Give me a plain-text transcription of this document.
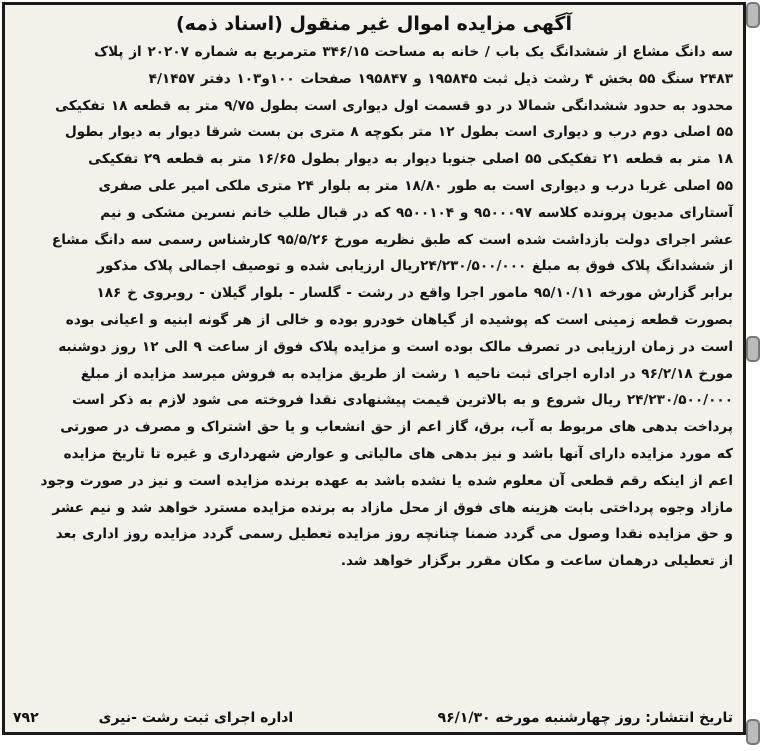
آگهی مزایده اموال غیر منقول (اسناد ذمه)
سه دانگ مشاع از ششدانگ یک باب / خانه به مساحت ۳۴۶/۱۵ مترمربع به شماره ۲۰۲۰۷ از پلاک
۲۴۸۳ سنگ ۵۵ بخش ۴ رشت ذیل ثبت ۱۹۵۸۴۵ و ۱۹۵۸۴۷ صفحات ۱۰۰و۱۰۳ دفتر ۴/۱۴۵۷
محدود به حدود ششدانگی شمالا در دو قسمت اول دیواری است بطول ۹/۷۵ متر به قطعه ۱۸ تفکیکی
۵۵ اصلی دوم درب و دیواری است بطول ۱۲ متر بکوچه ۸ متری بن بست شرقا دیوار به دیوار بطول
۱۸ متر به قطعه ۲۱ تفکیکی ۵۵ اصلی جنوبا دیوار به دیوار بطول ۱۶/۶۵ متر به قطعه ۲۹ تفکیکی
۵۵ اصلی غربا درب و دیواری است به طور ۱۸/۸۰ متر به بلوار ۲۴ متری ملکی امیر علی صفری
آستارای مدیون پرونده کلاسه ۹۵۰۰۰۹۷ و ۹۵۰۰۱۰۴ که در قبال طلب خانم نسرین مشکی و نیم
عشر اجرای دولت بازداشت شده است که طبق نظریه مورخ ۹۵/۵/۲۶ کارشناس رسمی سه دانگ مشاع
از ششدانگ پلاک فوق به مبلغ ۲۴/۲۳۰/۵۰۰/۰۰۰ریال ارزیابی شده و توصیف اجمالی پلاک مذکور
برابر گزارش مورخه ۹۵/۱۰/۱۱ مامور اجرا واقع در رشت - گلسار - بلوار گیلان - روبروی خ ۱۸۶
بصورت قطعه زمینی است که پوشیده از گیاهان خودرو بوده و خالی از هر گونه ابنیه و اعیانی بوده
است در زمان ارزیابی در تصرف مالک بوده است و مزایده پلاک فوق از ساعت ۹ الی ۱۲ روز دوشنبه
مورخ ۹۶/۲/۱۸ در اداره اجرای ثبت ناحیه ۱ رشت از طریق مزایده به فروش میرسد مزایده از مبلغ
۲۴/۲۳۰/۵۰۰/۰۰۰ ریال شروع و به بالاترین قیمت پیشنهادی نقدا فروخته می شود لازم به ذکر است
پرداخت بدهی های مربوط به آب، برق، گاز اعم از حق انشعاب و یا حق اشتراک و مصرف در صورتی
که مورد مزایده دارای آنها باشد و نیز بدهی های مالیاتی و عوارض شهرداری و غیره تا تاریخ مزایده
اعم از اینکه رقم قطعی آن معلوم شده یا نشده باشد به عهده برنده مزایده است و نیز در صورت وجود
مازاد وجوه پرداختی بابت هزینه های فوق از محل مازاد به برنده مزایده مسترد خواهد شد و نیم عشر
و حق مزایده نقدا وصول می گردد ضمنا چنانچه روز مزایده تعطیل رسمی گردد مزایده روز اداری بعد
از تعطیلی درهمان ساعت و مکان مقرر برگزار خواهد شد.
تاریخ انتشار: روز چهارشنبه مورخه ۹۶/۱/۳۰
اداره اجرای ثبت رشت -نیری
۷۹۲
